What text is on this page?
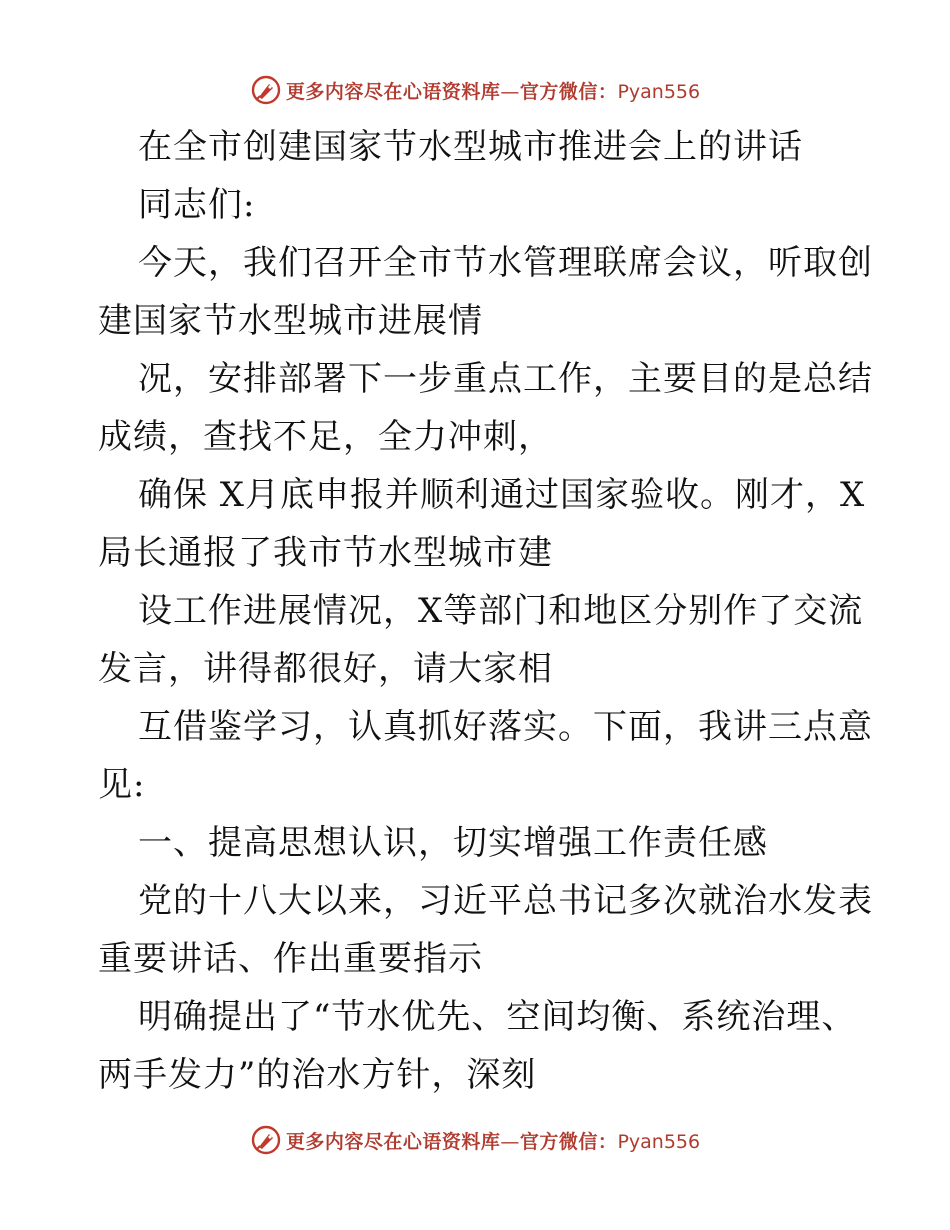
更多内容尽在心语资料库—官方微信：Pyan556
在全市创建国家节水型城市推进会上的讲话
同志们:
今天，我们召开全市节水管理联席会议，听取创
建国家节水型城市进展情
况，安排部署下一步重点工作，主要目的是总结
成绩，查找不足，全力冲刺，
确保 X月底申报并顺利通过国家验收。刚才，X
局长通报了我市节水型城市建
设工作进展情况，X等部门和地区分别作了交流
发言，讲得都很好，请大家相
互借鉴学习，认真抓好落实。下面，我讲三点意
见:
一、提高思想认识，切实增强工作责任感
党的十八大以来，习近平总书记多次就治水发表
重要讲话、作出重要指示
明确提出了“节水优先、空间均衡、系统治理、
两手发力”的治水方针，深刻
更多内容尽在心语资料库—官方微信：Pyan556
